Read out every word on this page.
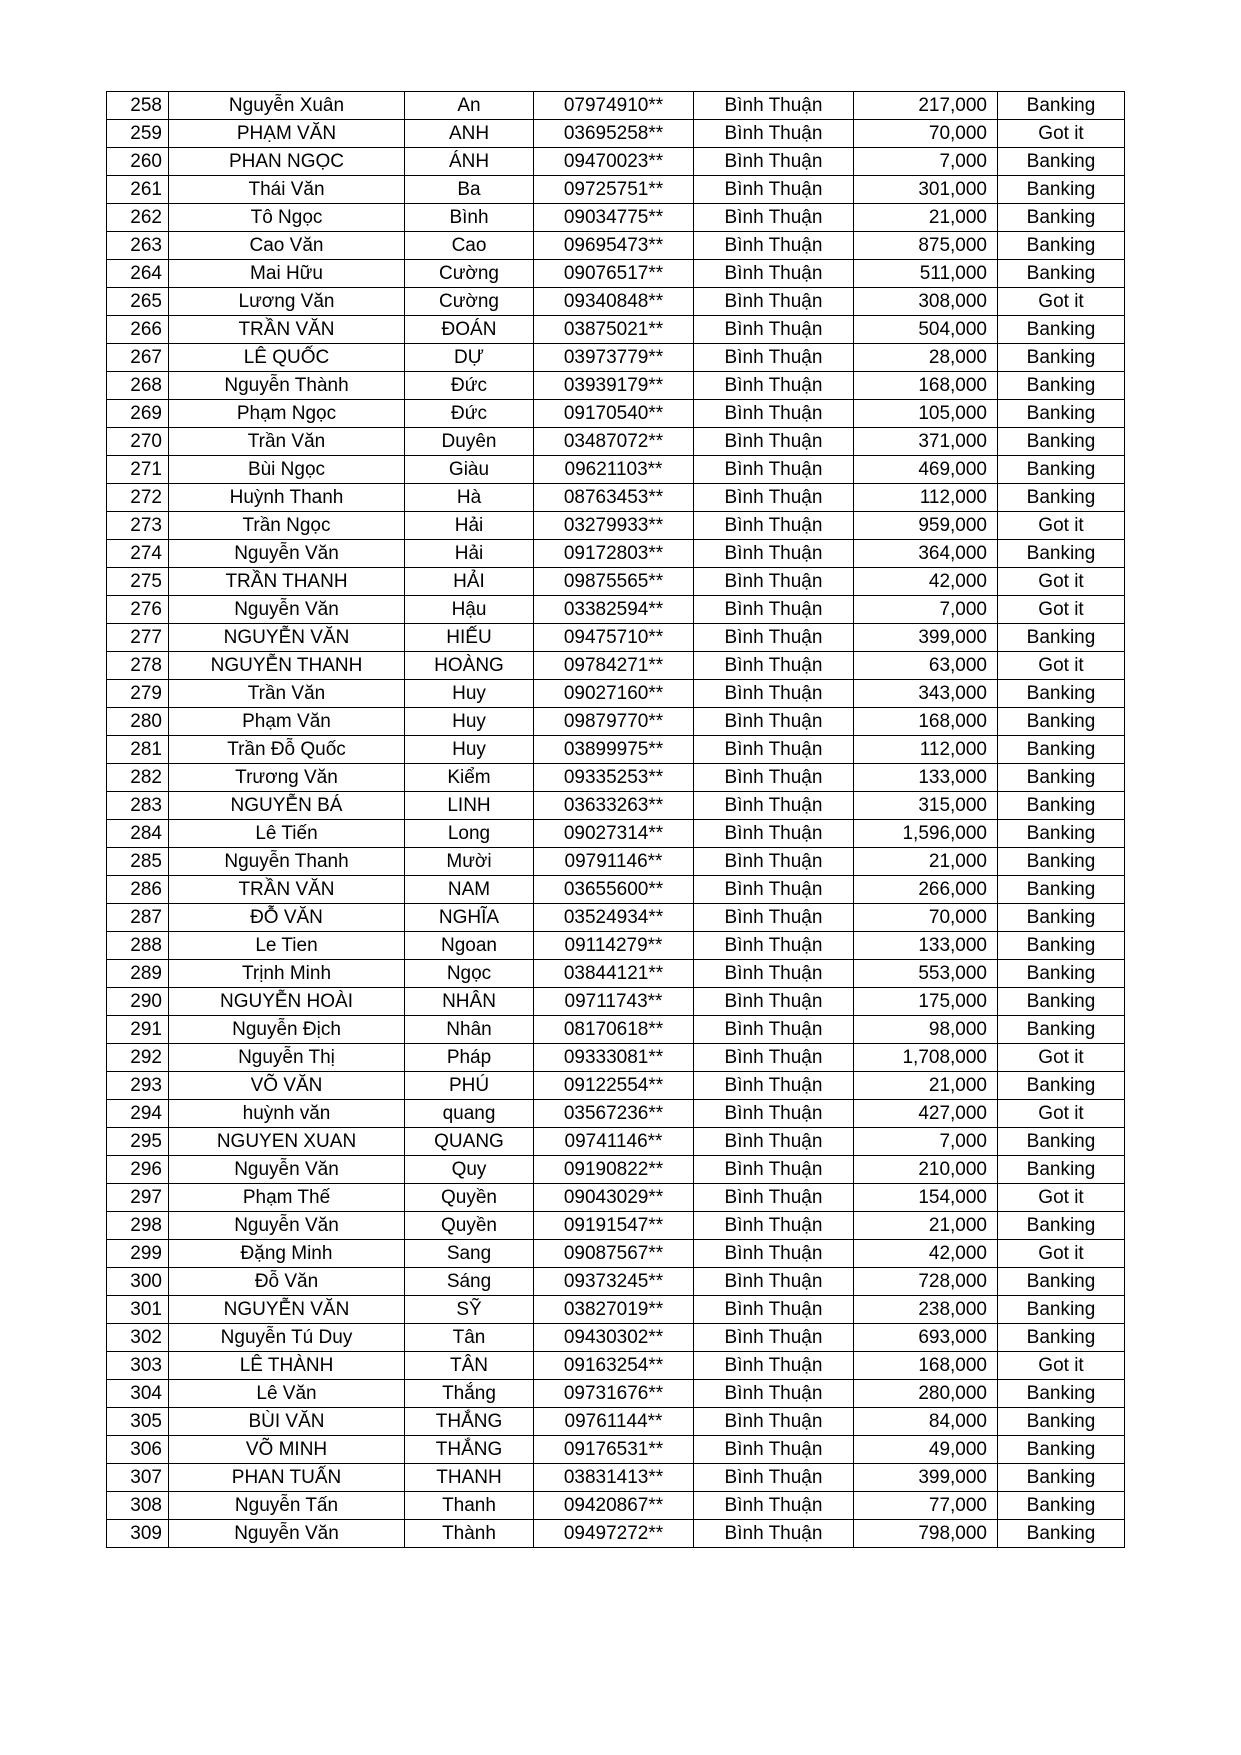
258	Nguyễn Xuân	An	07974910**	Bình Thuận	217,000	Banking
259	PHẠM VĂN	ANH	03695258**	Bình Thuận	70,000	Got it
260	PHAN NGỌC	ÁNH	09470023**	Bình Thuận	7,000	Banking
261	Thái Văn	Ba	09725751**	Bình Thuận	301,000	Banking
262	Tô Ngọc	Bình	09034775**	Bình Thuận	21,000	Banking
263	Cao Văn	Cao	09695473**	Bình Thuận	875,000	Banking
264	Mai Hữu	Cường	09076517**	Bình Thuận	511,000	Banking
265	Lương Văn	Cường	09340848**	Bình Thuận	308,000	Got it
266	TRẦN VĂN	ĐOÁN	03875021**	Bình Thuận	504,000	Banking
267	LÊ QUỐC	DỰ	03973779**	Bình Thuận	28,000	Banking
268	Nguyễn Thành	Đức	03939179**	Bình Thuận	168,000	Banking
269	Phạm Ngọc	Đức	09170540**	Bình Thuận	105,000	Banking
270	Trần Văn	Duyên	03487072**	Bình Thuận	371,000	Banking
271	Bùi Ngọc	Giàu	09621103**	Bình Thuận	469,000	Banking
272	Huỳnh Thanh	Hà	08763453**	Bình Thuận	112,000	Banking
273	Trần Ngọc	Hải	03279933**	Bình Thuận	959,000	Got it
274	Nguyễn Văn	Hải	09172803**	Bình Thuận	364,000	Banking
275	TRẦN THANH	HẢI	09875565**	Bình Thuận	42,000	Got it
276	Nguyễn Văn	Hậu	03382594**	Bình Thuận	7,000	Got it
277	NGUYỄN VĂN	HIẾU	09475710**	Bình Thuận	399,000	Banking
278	NGUYỄN THANH	HOÀNG	09784271**	Bình Thuận	63,000	Got it
279	Trần Văn	Huy	09027160**	Bình Thuận	343,000	Banking
280	Phạm Văn	Huy	09879770**	Bình Thuận	168,000	Banking
281	Trần Đỗ Quốc	Huy	03899975**	Bình Thuận	112,000	Banking
282	Trương Văn	Kiểm	09335253**	Bình Thuận	133,000	Banking
283	NGUYỄN BÁ	LINH	03633263**	Bình Thuận	315,000	Banking
284	Lê Tiến	Long	09027314**	Bình Thuận	1,596,000	Banking
285	Nguyễn Thanh	Mười	09791146**	Bình Thuận	21,000	Banking
286	TRẦN VĂN	NAM	03655600**	Bình Thuận	266,000	Banking
287	ĐỖ VĂN	NGHĨA	03524934**	Bình Thuận	70,000	Banking
288	Le Tien	Ngoan	09114279**	Bình Thuận	133,000	Banking
289	Trịnh Minh	Ngọc	03844121**	Bình Thuận	553,000	Banking
290	NGUYỄN HOÀI	NHÂN	09711743**	Bình Thuận	175,000	Banking
291	Nguyễn Địch	Nhân	08170618**	Bình Thuận	98,000	Banking
292	Nguyễn Thị	Pháp	09333081**	Bình Thuận	1,708,000	Got it
293	VÕ VĂN	PHÚ	09122554**	Bình Thuận	21,000	Banking
294	huỳnh văn	quang	03567236**	Bình Thuận	427,000	Got it
295	NGUYEN XUAN	QUANG	09741146**	Bình Thuận	7,000	Banking
296	Nguyễn Văn	Quy	09190822**	Bình Thuận	210,000	Banking
297	Phạm Thế	Quyền	09043029**	Bình Thuận	154,000	Got it
298	Nguyễn Văn	Quyền	09191547**	Bình Thuận	21,000	Banking
299	Đặng Minh	Sang	09087567**	Bình Thuận	42,000	Got it
300	Đỗ Văn	Sáng	09373245**	Bình Thuận	728,000	Banking
301	NGUYỄN VĂN	SỸ	03827019**	Bình Thuận	238,000	Banking
302	Nguyễn Tú Duy	Tân	09430302**	Bình Thuận	693,000	Banking
303	LÊ THÀNH	TÂN	09163254**	Bình Thuận	168,000	Got it
304	Lê Văn	Thắng	09731676**	Bình Thuận	280,000	Banking
305	BÙI VĂN	THẮNG	09761144**	Bình Thuận	84,000	Banking
306	VÕ MINH	THẮNG	09176531**	Bình Thuận	49,000	Banking
307	PHAN TUẤN	THANH	03831413**	Bình Thuận	399,000	Banking
308	Nguyễn Tấn	Thanh	09420867**	Bình Thuận	77,000	Banking
309	Nguyễn Văn	Thành	09497272**	Bình Thuận	798,000	Banking
